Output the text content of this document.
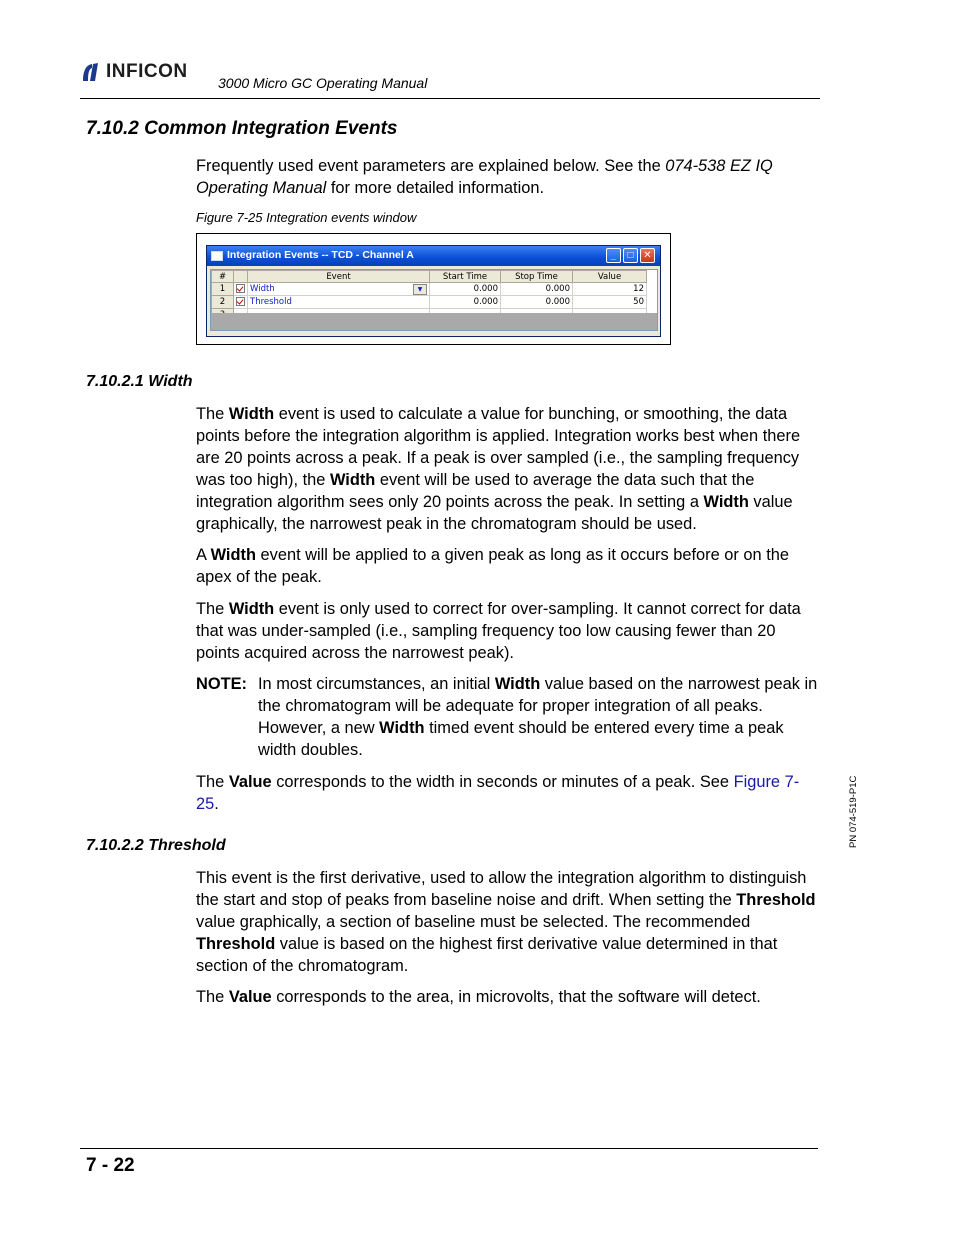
INFICON
3000 Micro GC Operating Manual
7.10.2 Common Integration Events

Frequently used event parameters are explained below. See the 074-538 EZ IQ Operating Manual for more detailed information.

Figure 7-25 Integration events window
Integration Events -- TCD - Channel A	_	□ ✕
#		Event	Start Time	Stop Time	Value
1		Width ▼	0.000	0.000	12
2		Threshold	0.000	0.000	50

7.10.2.1 Width

The Width event is used to calculate a value for bunching, or smoothing, the data points before the integration algorithm is applied. Integration works best when there are 20 points across a peak. If a peak is over sampled (i.e., the sampling frequency was too high), the Width event will be used to average the data such that the integration algorithm sees only 20 points across the peak. In setting a Width value graphically, the narrowest peak in the chromatogram should be used.

A Width event will be applied to a given peak as long as it occurs before or on the apex of the peak.

The Width event is only used to correct for over-sampling. It cannot correct for data that was under-sampled (i.e., sampling frequency too low causing fewer than 20 points acquired across the narrowest peak).

NOTE: In most circumstances, an initial Width value based on the narrowest peak in the chromatogram will be adequate for proper integration of all peaks. However, a new Width timed event should be entered every time a peak width doubles.

The Value corresponds to the width in seconds or minutes of a peak. See Figure 7-25.

7.10.2.2 Threshold

This event is the first derivative, used to allow the integration algorithm to distinguish the start and stop of peaks from baseline noise and drift. When setting the Threshold value graphically, a section of baseline must be selected. The recommended Threshold value is based on the highest first derivative value determined in that section of the chromatogram.

The Value corresponds to the area, in microvolts, that the software will detect.

PN 074-519-P1C
7 - 22
